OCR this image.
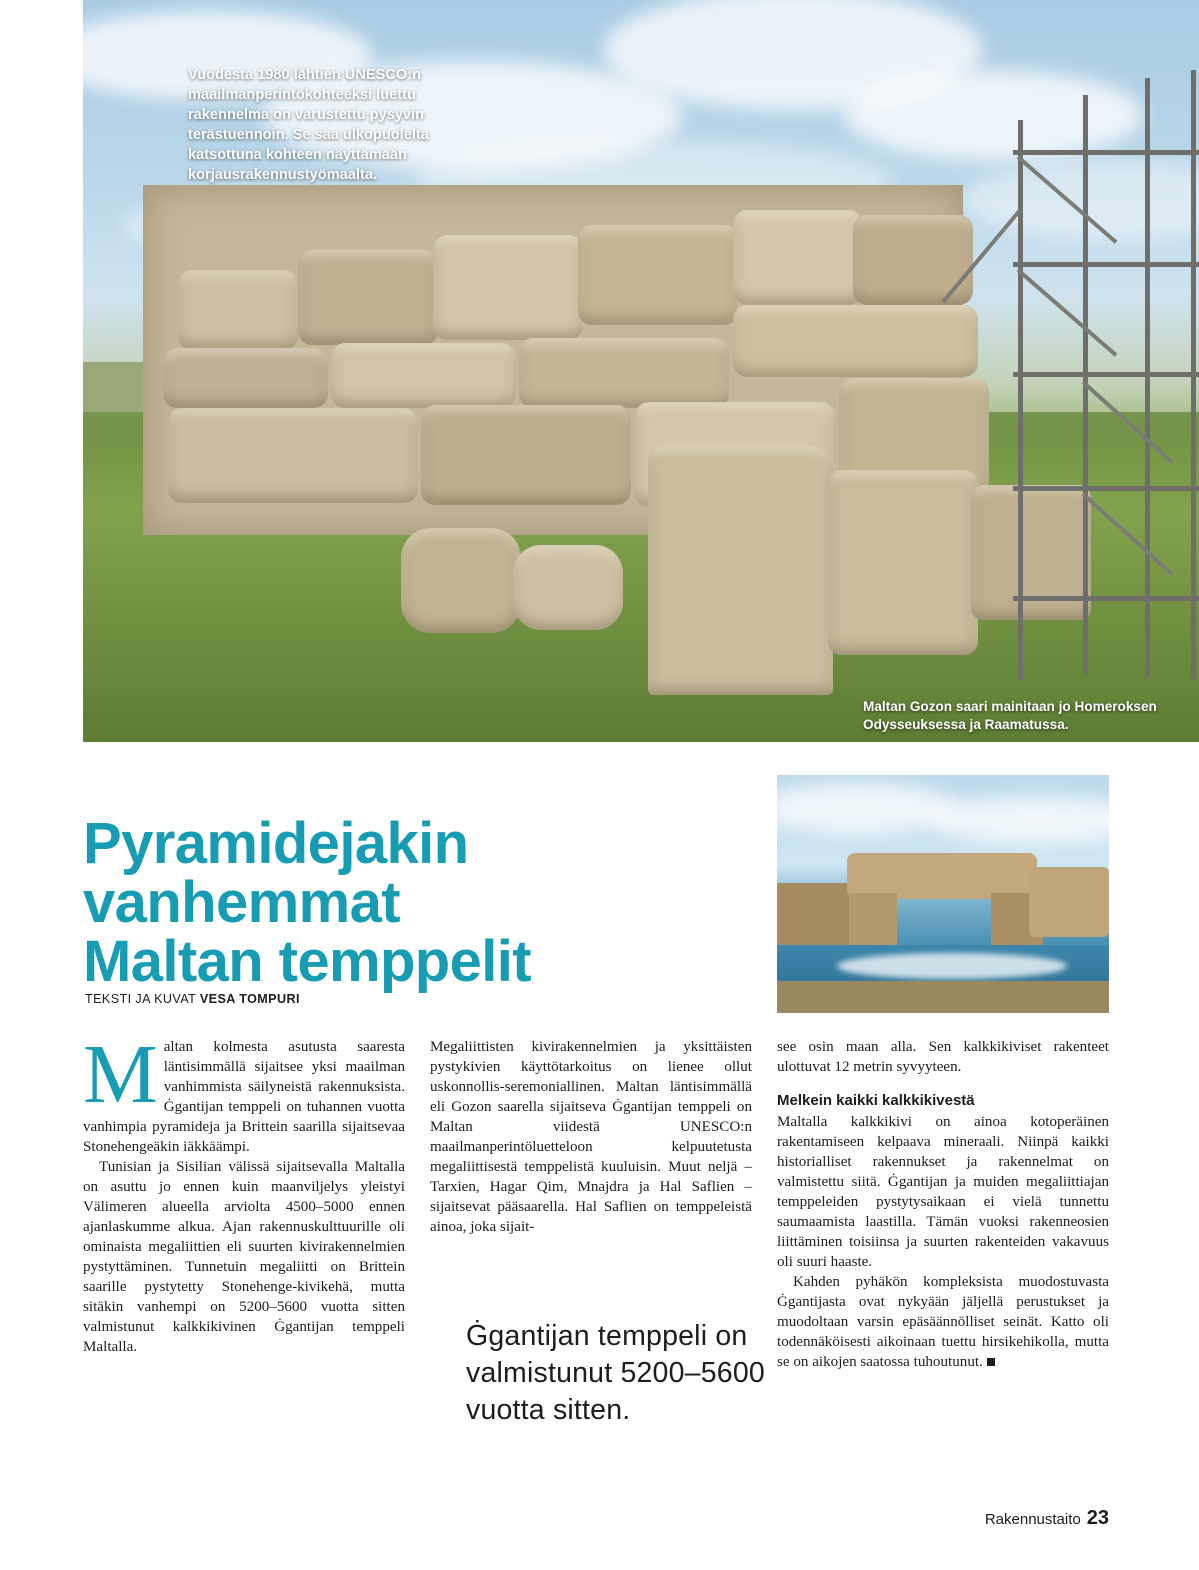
Vuodesta 1980 lähtien UNESCO:n maailmanperintökohteeksi luettu rakennelma on varustettu pysyvin terästuennoin. Se saa ulkopuolelta katsottuna kohteen näyttämään korjausrakennustyömaalta.
Maltan Gozon saari mainitaan jo Homeroksen Odysseuksessa ja Raamatussa.
Pyramidejakin
vanhemmat
Maltan temppelit
TEKSTI JA KUVAT VESA TOMPURI

Maltan kolmesta asutusta saaresta läntisimmällä sijaitsee yksi maailman vanhimmista säilyneistä rakennuksista. Ġgantijan temppeli on tuhannen vuotta vanhimpia pyramideja ja Brittein saarilla sijaitsevaa Stonehengeäkin iäkkäämpi.

Tunisian ja Sisilian välissä sijaitsevalla Maltalla on asuttu jo ennen kuin maanviljelys yleistyi Välimeren alueella arviolta 4500–5000 ennen ajanlaskumme alkua. Ajan rakennuskulttuurille oli ominaista megaliittien eli suurten kivirakennelmien pystyttäminen. Tunnetuin megaliitti on Brittein saarille pystytetty Stonehenge-kivikehä, mutta sitäkin vanhempi on 5200–5600 vuotta sitten valmistunut kalkkikivinen Ġgantijan temppeli Maltalla.

Megaliittisten kivirakennelmien ja yksittäisten pystykivien käyttötarkoitus on lienee ollut uskonnollis-seremoniallinen. Maltan läntisimmällä eli Gozon saarella sijaitseva Ġgantijan temppeli on Maltan viidestä UNESCO:n maailmanperintöluetteloon kelpuutetusta megaliittisestä temppelistä kuuluisin. Muut neljä – Tarxien, Hagar Qim, Mnajdra ja Hal Saflien – sijaitsevat pääsaarella. Hal Saflien on temppeleistä ainoa, joka sijait-

Ġgantijan temppeli on valmistunut 5200–5600 vuotta sitten.

see osin maan alla. Sen kalkkikiviset rakenteet ulottuvat 12 metrin syvyyteen.

Melkein kaikki kalkkikivestä

Maltalla kalkkikivi on ainoa kotoperäinen rakentamiseen kelpaava mineraali. Niinpä kaikki historialliset rakennukset ja rakennelmat on valmistettu siitä. Ġgantijan ja muiden megaliittiajan temppeleiden pystytysaikaan ei vielä tunnettu saumaamista laastilla. Tämän vuoksi rakenneosien liittäminen toisiinsa ja suurten rakenteiden vakavuus oli suuri haaste.

Kahden pyhäkön kompleksista muodostuvasta Ġgantijasta ovat nykyään jäljellä perustukset ja muodoltaan varsin epäsäännölliset seinät. Katto oli todennäköisesti aikoinaan tuettu hirsikehikolla, mutta se on aikojen saatossa tuhoutunut.

Rakennustaito 23
